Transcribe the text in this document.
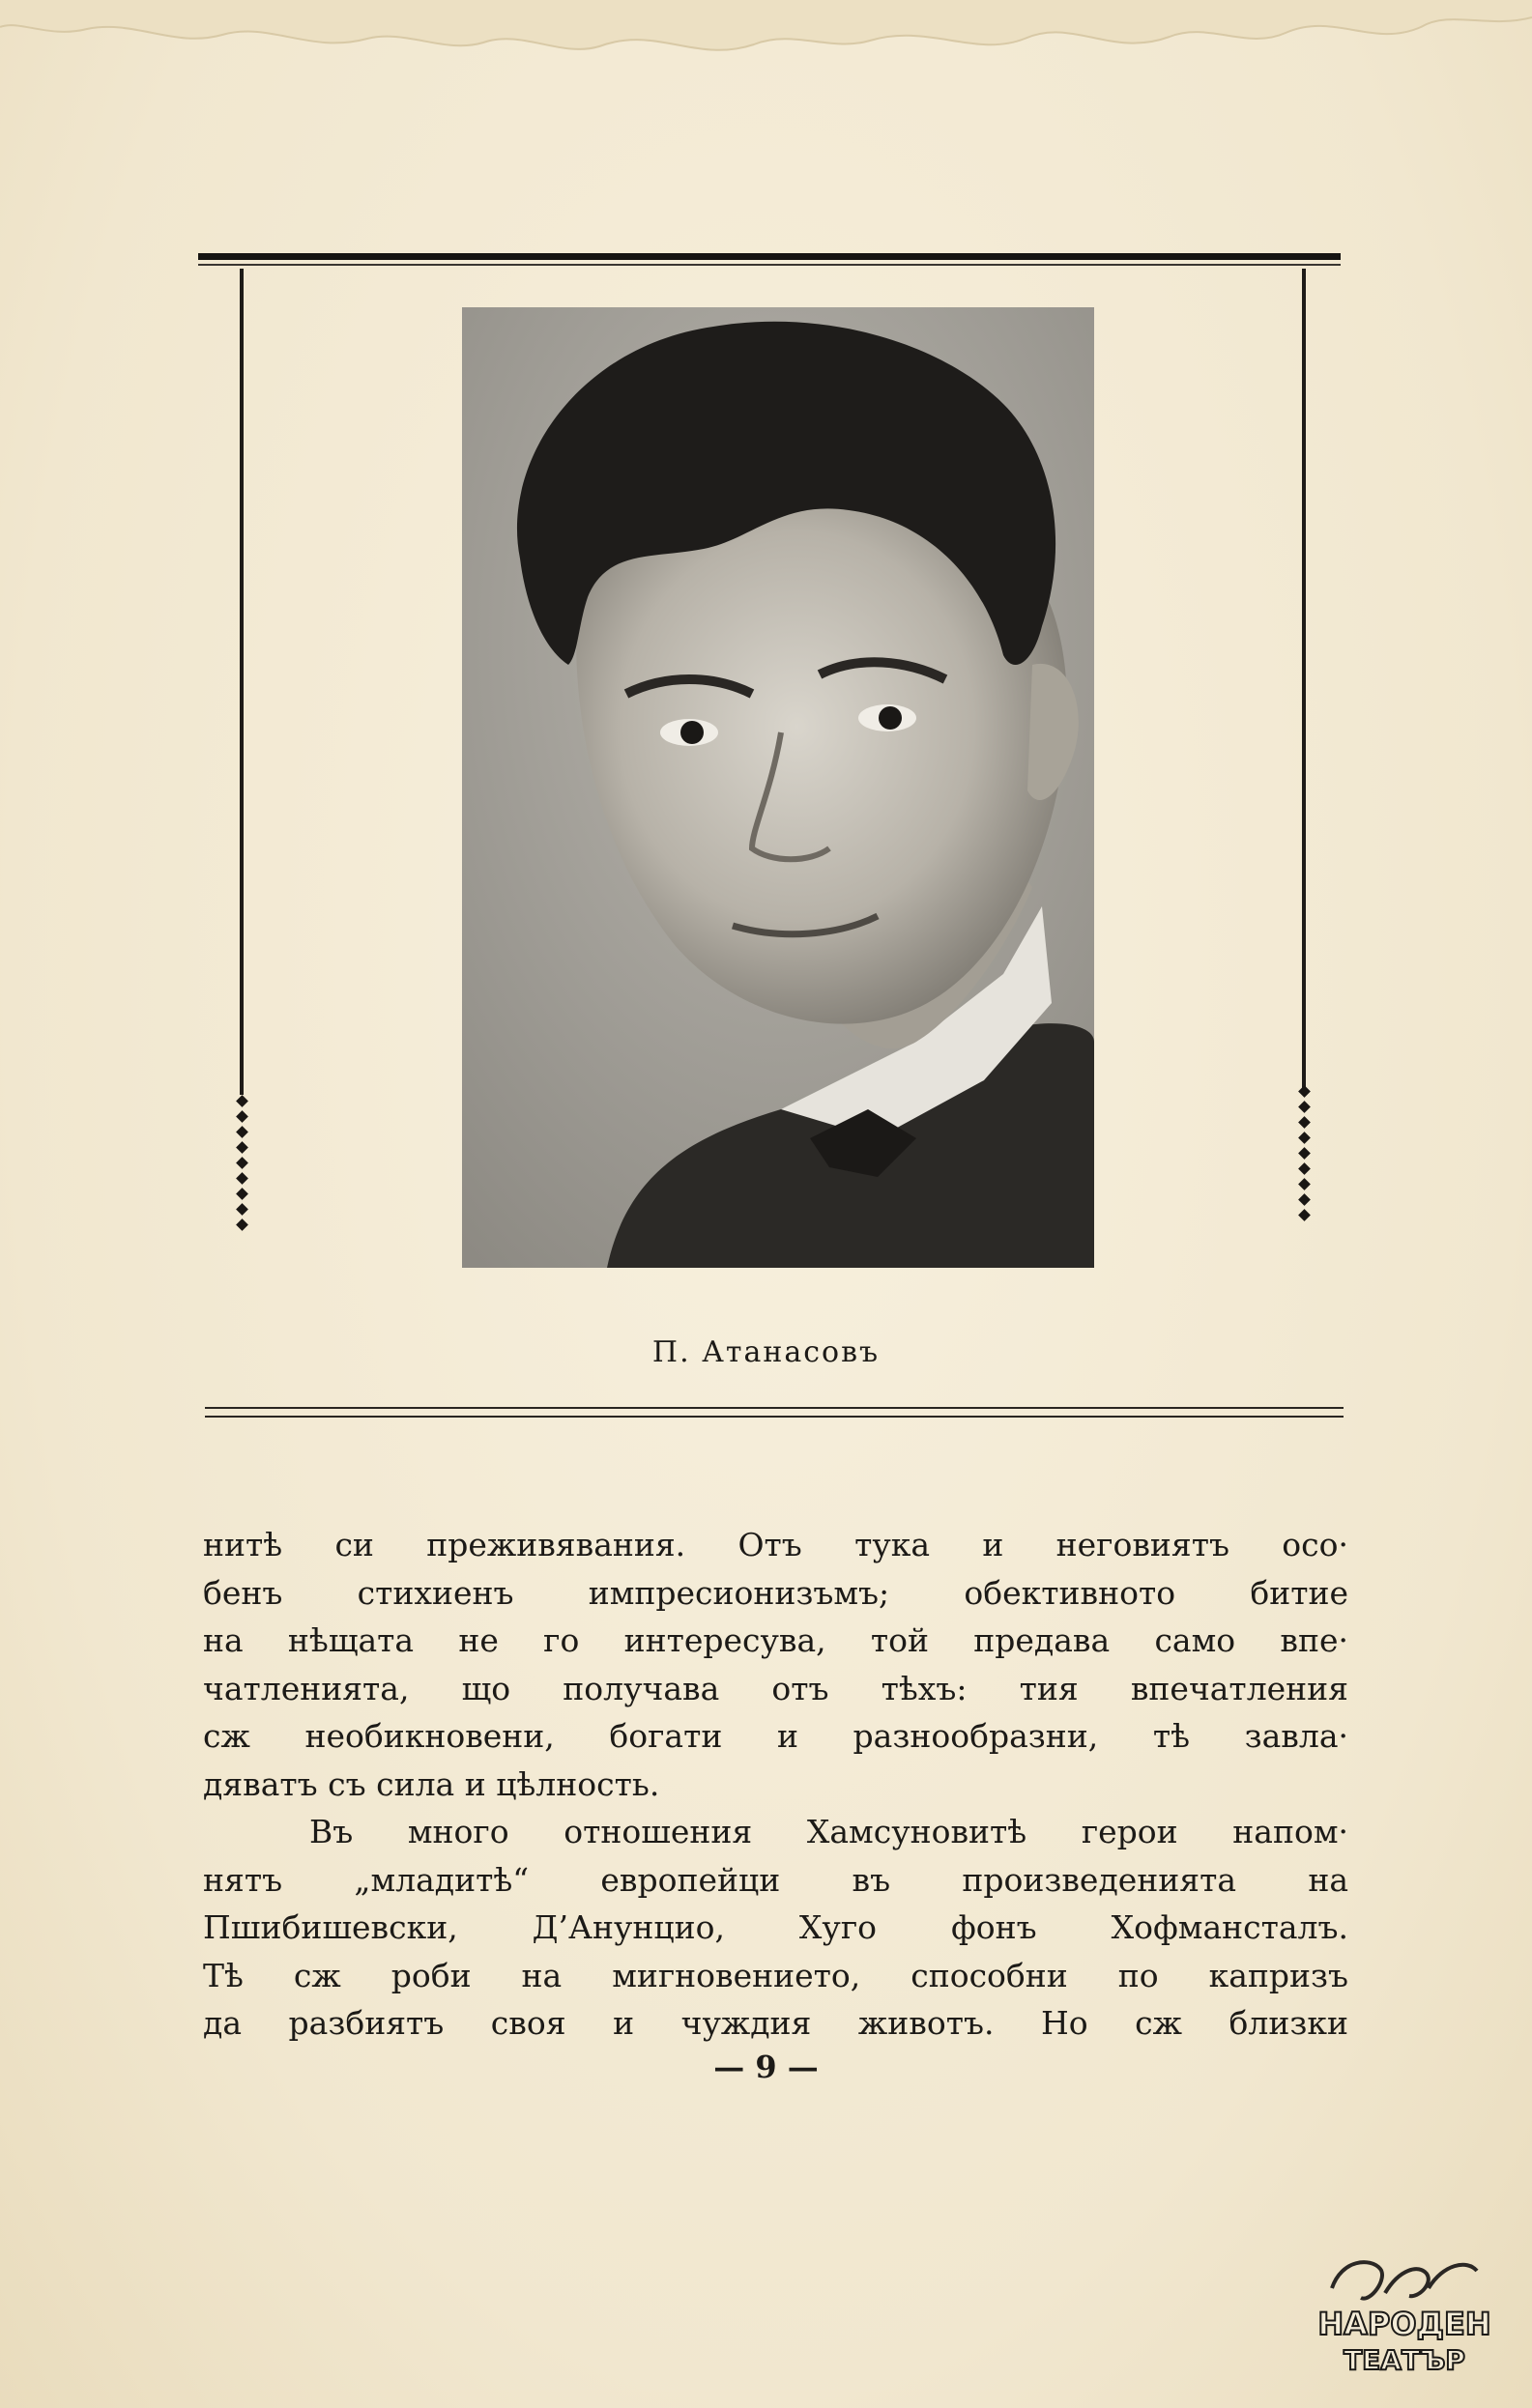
П. Атанасовъ
нитѣ си преживявания. Отъ тука и неговиятъ осо·
бенъ стихиенъ импресионизъмъ; обективното битие
на нѣщата не го интересува, той предава само впе·
чатленията, що получава отъ тѣхъ: тия впечатления
сж необикновени, богати и разнообразни, тѣ завла·
дяватъ съ сила и цѣлность.
Въ много отношения Хамсуновитѣ герои напом·
нятъ „младитѣ“ европейци въ произведенията на
Пшибишевски, Д’Анунцио, Хуго фонъ Хофмансталъ.
Тѣ сж роби на мигновението, способни по капризъ
да разбиятъ своя и чуждия животъ. Но сж близки
— 9 —
НАРОДЕН
ТЕАТЪР
